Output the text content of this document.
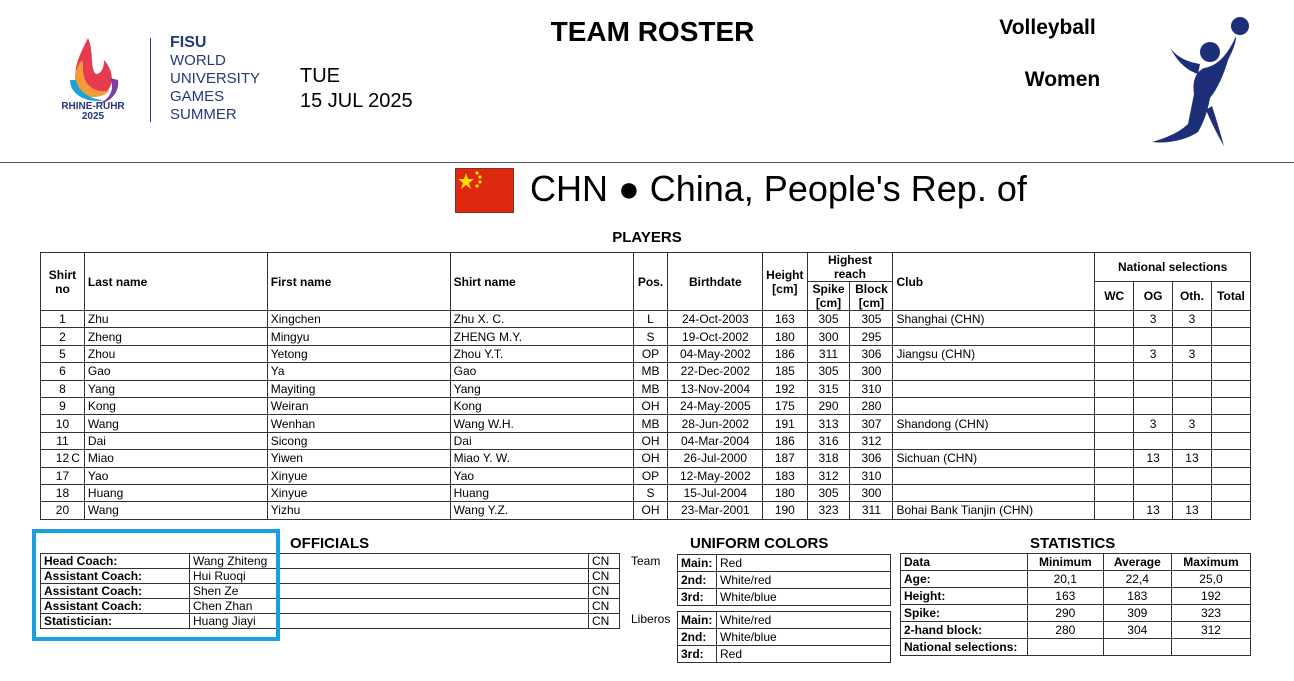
RHINE-RUHR
2025
FISU
WORLD
UNIVERSITY
GAMES
SUMMER
TUE
15 JUL 2025
TEAM ROSTER	Volleyball
Women
CHN ● China, People's Rep. of
PLAYERS
Shirt no	Last name	First name	Shirt name	Pos.	Birthdate	Height [cm]	Highest reach		Club	National selections			
							Spike [cm]	Block [cm]		WC	OG	Oth.	Total
1	Zhu	Xingchen	Zhu X. C.	L	24-Oct-2003	163	305	305	Shanghai (CHN)		3	3	
2	Zheng	Mingyu	ZHENG M.Y.	S	19-Oct-2002	180	300	295					
5	Zhou	Yetong	Zhou Y.T.	OP	04-May-2002	186	311	306	Jiangsu (CHN)		3	3	
6	Gao	Ya	Gao	MB	22-Dec-2002	185	305	300					
8	Yang	Mayiting	Yang	MB	13-Nov-2004	192	315	310					
9	Kong	Weiran	Kong	OH	24-May-2005	175	290	280					
10	Wang	Wenhan	Wang W.H.	MB	28-Jun-2002	191	313	307	Shandong (CHN)		3	3	
11	Dai	Sicong	Dai	OH	04-Mar-2004	186	316	312					
12 C	Miao	Yiwen	Miao Y. W.	OH	26-Jul-2000	187	318	306	Sichuan (CHN)		13	13	
17	Yao	Xinyue	Yao	OP	12-May-2002	183	312	310					
18	Huang	Xinyue	Huang	S	15-Jul-2004	180	305	300					
20	Wang	Yizhu	Wang Y.Z.	OH	23-Mar-2001	190	323	311	Bohai Bank Tianjin (CHN)		13	13	
OFFICIALS
Head Coach:	Wang Zhiteng	CN
Assistant Coach:	Hui Ruoqi	CN
Assistant Coach:	Shen Ze	CN
Assistant Coach:	Chen Zhan	CN
Statistician:	Huang Jiayi	CN
UNIFORM COLORS
Team
Liberos
Main:	Red
2nd:	White/red
3rd:	White/blue
Main:	White/red
2nd:	White/blue
3rd:	Red
STATISTICS
Data	Minimum	Average	Maximum
Age:	20,1	22,4	25,0
Height:	163	183	192
Spike:	290	309	323
2-hand block:	280	304	312
National selections:			
